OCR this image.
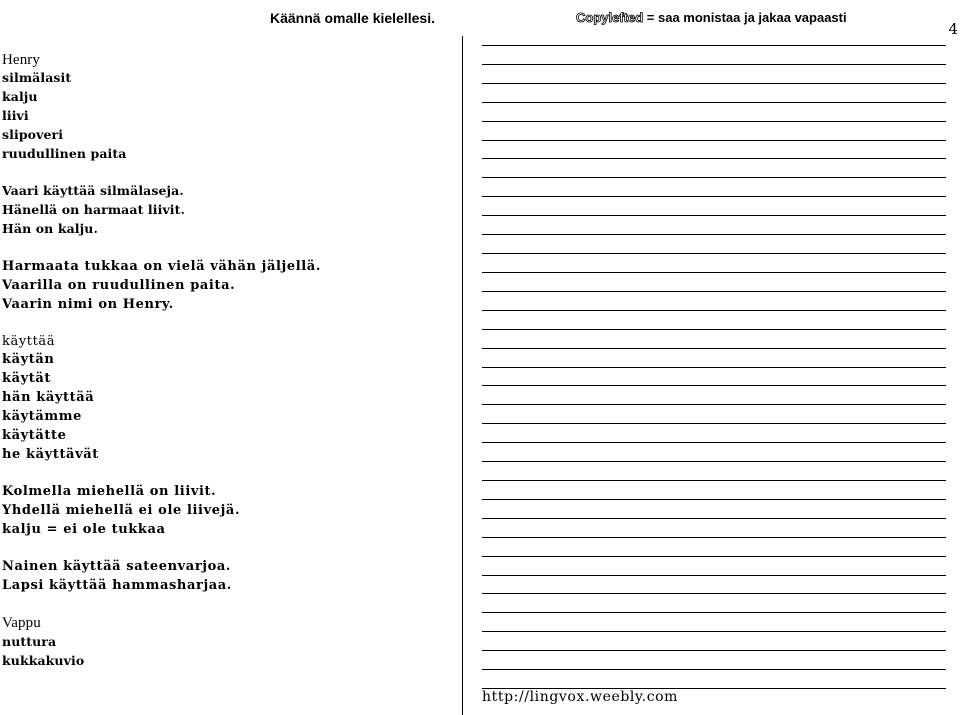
Käännä omalle kielellesi.	Copylefted = saa monistaa ja jakaa vapaasti
4
Henry
silmälasit
kalju
liivi
slipoveri
ruudullinen paita
Vaari käyttää silmälaseja.
Hänellä on harmaat liivit.
Hän on kalju.
Harmaata tukkaa on vielä vähän jäljellä.
Vaarilla on ruudullinen paita.
Vaarin nimi on Henry.
käyttää
käytän
käytät
hän käyttää
käytämme
käytätte
he käyttävät
Kolmella miehellä on liivit.
Yhdellä miehellä ei ole liivejä.
kalju = ei ole tukkaa
Nainen käyttää sateenvarjoa.
Lapsi käyttää hammasharjaa.
Vappu
nuttura
kukkakuvio
http://lingvox.weebly.com
